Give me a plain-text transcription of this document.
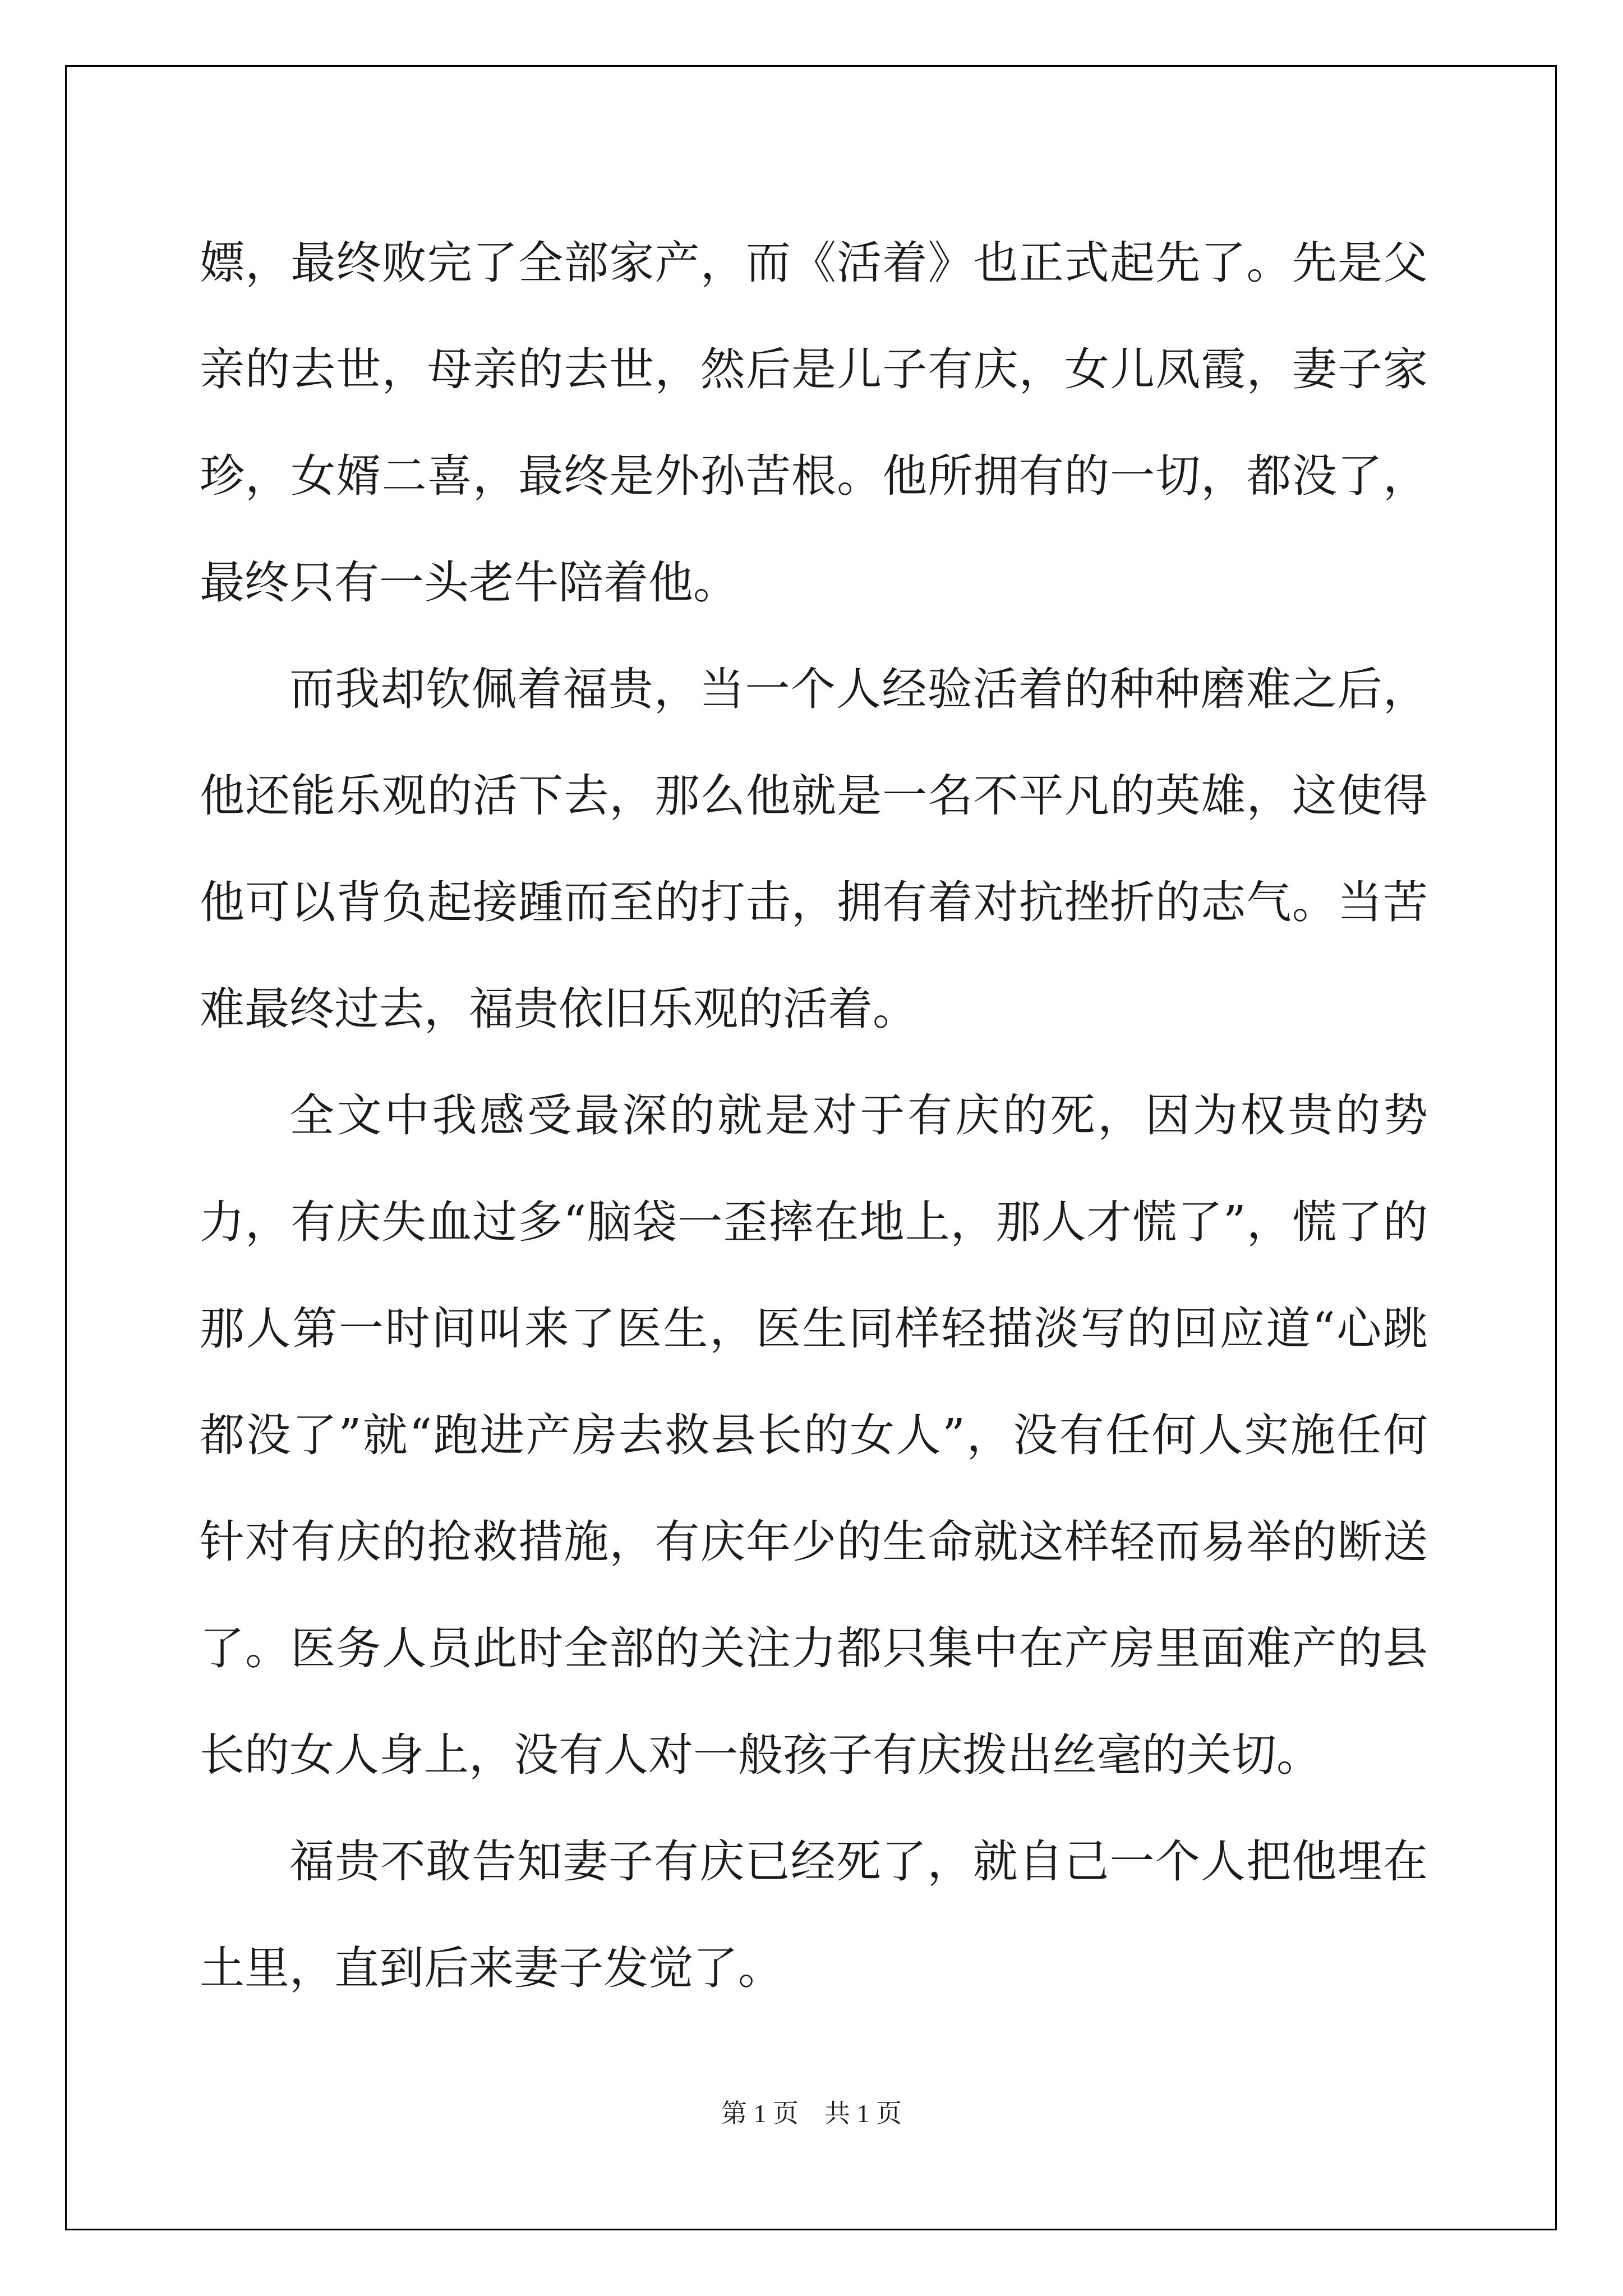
嫖，最终败完了全部家产，而《活着》也正式起先了。先是父亲的去世，母亲的去世，然后是儿子有庆，女儿凤霞，妻子家珍，女婿二喜，最终是外孙苦根。他所拥有的一切，都没了，最终只有一头老牛陪着他。

而我却钦佩着福贵，当一个人经验活着的种种磨难之后，他还能乐观的活下去，那么他就是一名不平凡的英雄，这使得他可以背负起接踵而至的打击，拥有着对抗挫折的志气。当苦难最终过去，福贵依旧乐观的活着。

全文中我感受最深的就是对于有庆的死，因为权贵的势力，有庆失血过多“脑袋一歪摔在地上，那人才慌了”，慌了的那人第一时间叫来了医生，医生同样轻描淡写的回应道“心跳都没了”就“跑进产房去救县长的女人”，没有任何人实施任何针对有庆的抢救措施，有庆年少的生命就这样轻而易举的断送了。医务人员此时全部的关注力都只集中在产房里面难产的县长的女人身上，没有人对一般孩子有庆拨出丝毫的关切。

福贵不敢告知妻子有庆已经死了，就自己一个人把他埋在土里，直到后来妻子发觉了。

第 1 页　共 1 页
